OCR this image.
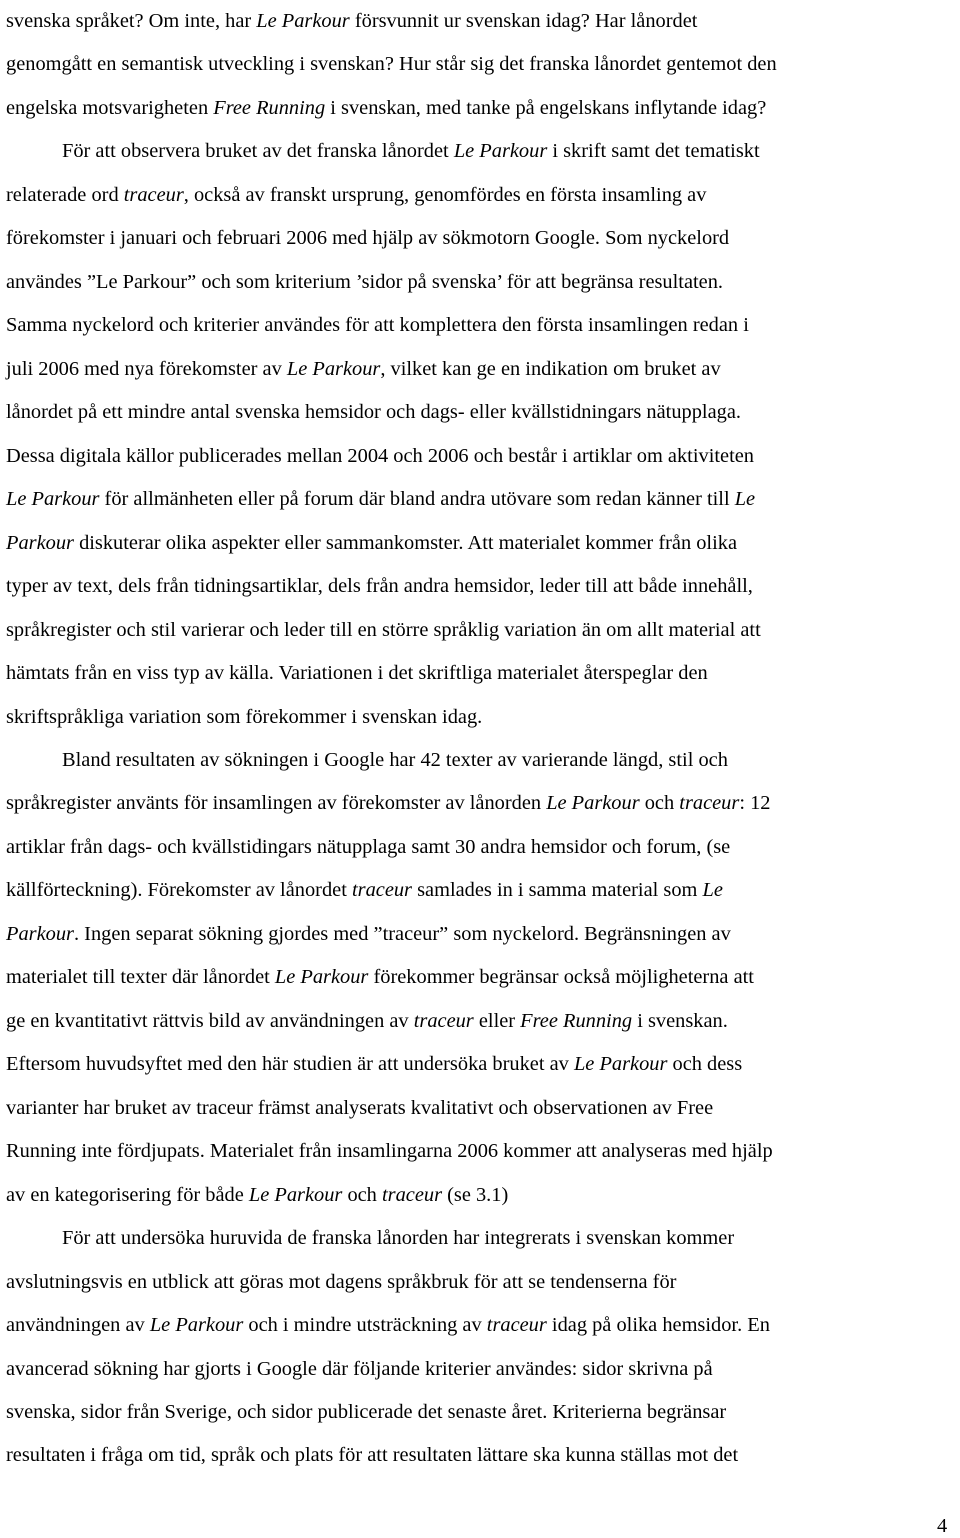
svenska språket? Om inte, har Le Parkour försvunnit ur svenskan idag? Har lånordet
genomgått en semantisk utveckling i svenskan? Hur står sig det franska lånordet gentemot den
engelska motsvarigheten Free Running i svenskan, med tanke på engelskans inflytande idag?
För att observera bruket av det franska lånordet Le Parkour i skrift samt det tematiskt
relaterade ord traceur, också av franskt ursprung, genomfördes en första insamling av
förekomster i januari och februari 2006 med hjälp av sökmotorn Google. Som nyckelord
användes ”Le Parkour” och som kriterium ’sidor på svenska’ för att begränsa resultaten.
Samma nyckelord och kriterier användes för att komplettera den första insamlingen redan i
juli 2006 med nya förekomster av Le Parkour, vilket kan ge en indikation om bruket av
lånordet på ett mindre antal svenska hemsidor och dags- eller kvällstidningars nätupplaga.
Dessa digitala källor publicerades mellan 2004 och 2006 och består i artiklar om aktiviteten
Le Parkour för allmänheten eller på forum där bland andra utövare som redan känner till Le
Parkour diskuterar olika aspekter eller sammankomster. Att materialet kommer från olika
typer av text, dels från tidningsartiklar, dels från andra hemsidor, leder till att både innehåll,
språkregister och stil varierar och leder till en större språklig variation än om allt material att
hämtats från en viss typ av källa. Variationen i det skriftliga materialet återspeglar den
skriftspråkliga variation som förekommer i svenskan idag.
Bland resultaten av sökningen i Google har 42 texter av varierande längd, stil och
språkregister använts för insamlingen av förekomster av lånorden Le Parkour och traceur: 12
artiklar från dags- och kvällstidingars nätupplaga samt 30 andra hemsidor och forum, (se
källförteckning). Förekomster av lånordet traceur samlades in i samma material som Le
Parkour. Ingen separat sökning gjordes med ”traceur” som nyckelord. Begränsningen av
materialet till texter där lånordet Le Parkour förekommer begränsar också möjligheterna att
ge en kvantitativt rättvis bild av användningen av traceur eller Free Running i svenskan.
Eftersom huvudsyftet med den här studien är att undersöka bruket av Le Parkour och dess
varianter har bruket av traceur främst analyserats kvalitativt och observationen av Free
Running inte fördjupats. Materialet från insamlingarna 2006 kommer att analyseras med hjälp
av en kategorisering för både Le Parkour och traceur (se 3.1)
För att undersöka huruvida de franska lånorden har integrerats i svenskan kommer
avslutningsvis en utblick att göras mot dagens språkbruk för att se tendenserna för
användningen av Le Parkour och i mindre utsträckning av traceur idag på olika hemsidor. En
avancerad sökning har gjorts i Google där följande kriterier användes: sidor skrivna på
svenska, sidor från Sverige, och sidor publicerade det senaste året. Kriterierna begränsar
resultaten i fråga om tid, språk och plats för att resultaten lättare ska kunna ställas mot det
4
